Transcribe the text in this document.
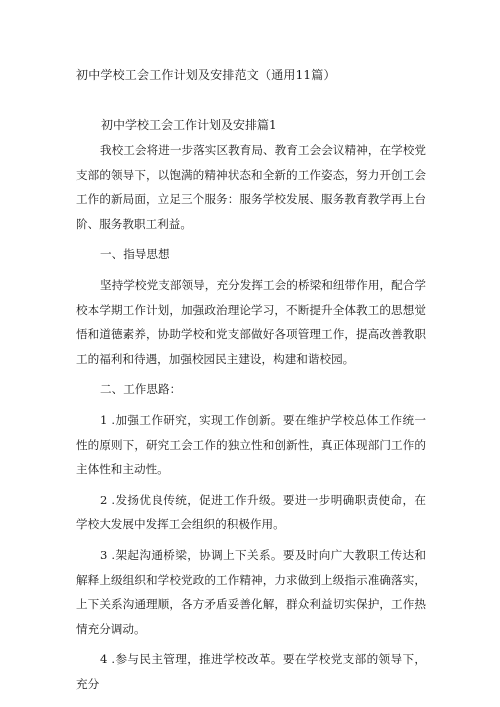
初中学校工会工作计划及安排范文（通用11篇）
初中学校工会工作计划及安排篇1

我校工会将进一步落实区教育局、教育工会会议精神，在学校党支部的领导下，以饱满的精神状态和全新的工作姿态，努力开创工会工作的新局面，立足三个服务：服务学校发展、服务教育教学再上台阶、服务教职工利益。

一、指导思想

坚持学校党支部领导，充分发挥工会的桥梁和纽带作用，配合学校本学期工作计划，加强政治理论学习，不断提升全体教工的思想觉悟和道德素养，协助学校和党支部做好各项管理工作，提高改善教职工的福利和待遇，加强校园民主建设，构建和谐校园。

二、工作思路：

1 .加强工作研究，实现工作创新。要在维护学校总体工作统一性的原则下，研究工会工作的独立性和创新性，真正体现部门工作的主体性和主动性。

2 .发扬优良传统，促进工作升级。要进一步明确职责使命，在学校大发展中发挥工会组织的积极作用。

3 .架起沟通桥梁，协调上下关系。要及时向广大教职工传达和解释上级组织和学校党政的工作精神，力求做到上级指示准确落实，上下关系沟通理顺，各方矛盾妥善化解，群众利益切实保护，工作热情充分调动。

4 .参与民主管理，推进学校改革。要在学校党支部的领导下，充分
